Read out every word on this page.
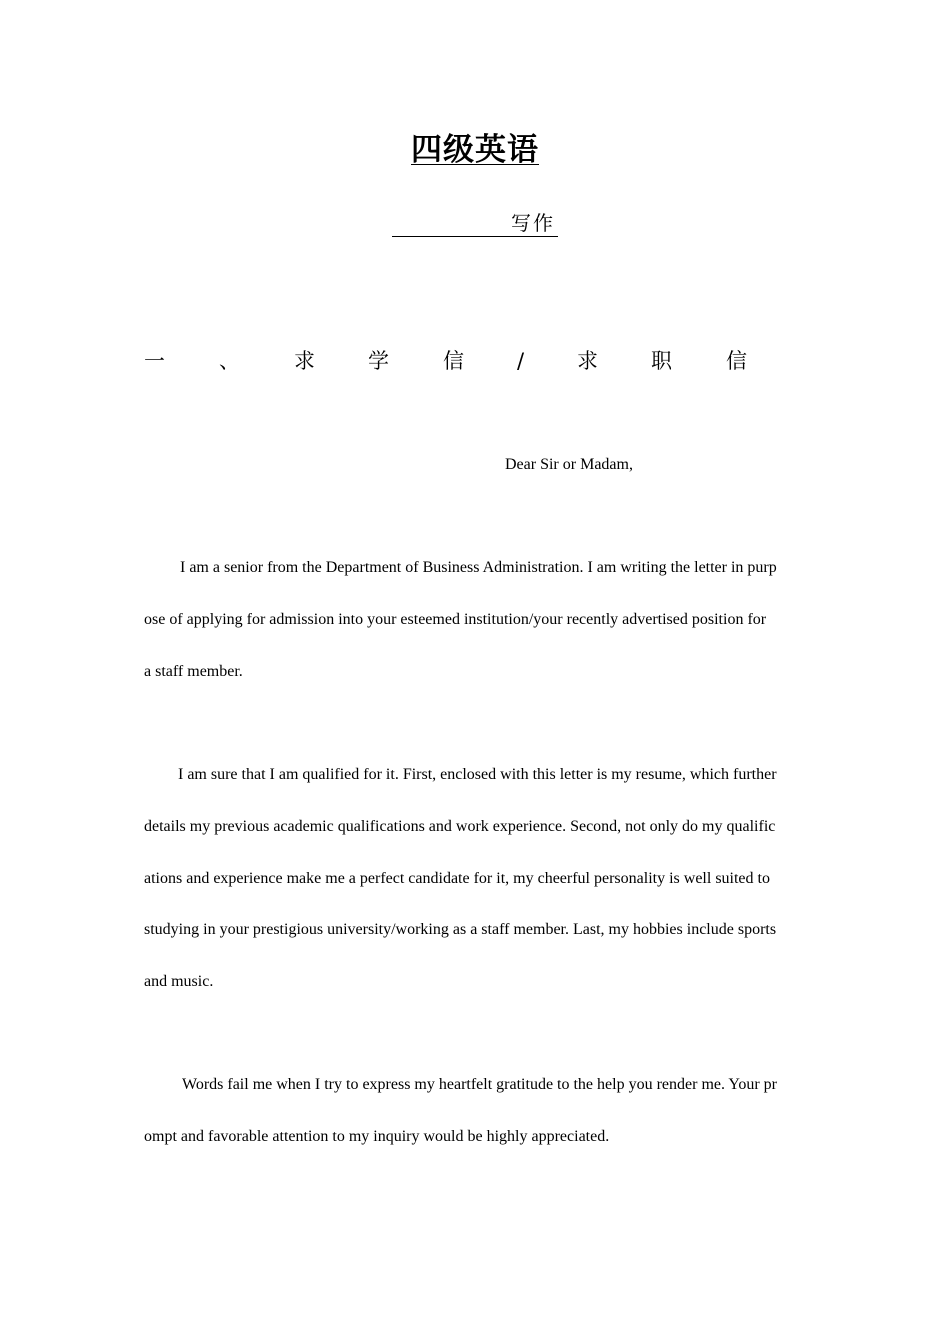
四级英语
写作
一	、	求	学	信	/	求	职	信
Dear Sir or Madam,
I am a senior from the Department of Business Administration. I am writing the letter in purp
ose of applying for admission into your esteemed institution/your recently advertised position for
a staff member.
I am sure that I am qualified for it. First, enclosed with this letter is my resume, which further
details my previous academic qualifications and work experience. Second, not only do my qualific
ations and experience make me a perfect candidate for it, my cheerful personality is well suited to
studying in your prestigious university/working as a staff member. Last, my hobbies include sports
and music.
Words fail me when I try to express my heartfelt gratitude to the help you render me. Your pr
ompt and favorable attention to my inquiry would be highly appreciated.
